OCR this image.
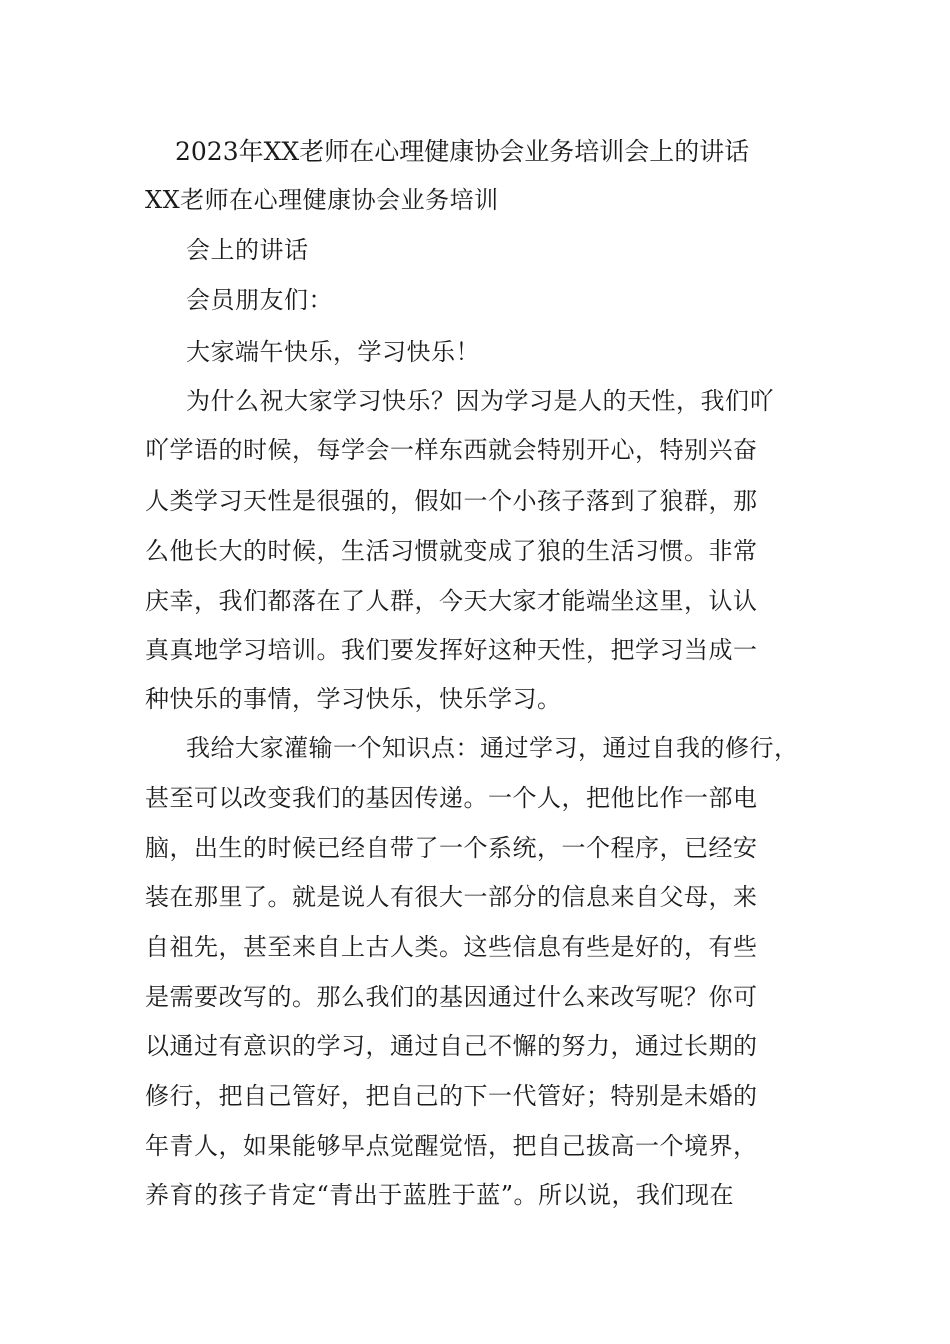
2023年XX老师在心理健康协会业务培训会上的讲话
XX老师在心理健康协会业务培训
会上的讲话
会员朋友们：
大家端午快乐，学习快乐！
为什么祝大家学习快乐？因为学习是人的天性，我们吖
吖学语的时候，每学会一样东西就会特别开心，特别兴奋
人类学习天性是很强的，假如一个小孩子落到了狼群，那
么他长大的时候，生活习惯就变成了狼的生活习惯。非常
庆幸，我们都落在了人群，今天大家才能端坐这里，认认
真真地学习培训。我们要发挥好这种天性，把学习当成一
种快乐的事情，学习快乐，快乐学习。
我给大家灌输一个知识点：通过学习，通过自我的修行，
甚至可以改变我们的基因传递。一个人，把他比作一部电
脑，出生的时候已经自带了一个系统，一个程序，已经安
装在那里了。就是说人有很大一部分的信息来自父母，来
自祖先，甚至来自上古人类。这些信息有些是好的，有些
是需要改写的。那么我们的基因通过什么来改写呢？你可
以通过有意识的学习，通过自己不懈的努力，通过长期的
修行，把自己管好，把自己的下一代管好；特别是未婚的
年青人，如果能够早点觉醒觉悟，把自己拔高一个境界，
养育的孩子肯定“青出于蓝胜于蓝”。所以说，我们现在
